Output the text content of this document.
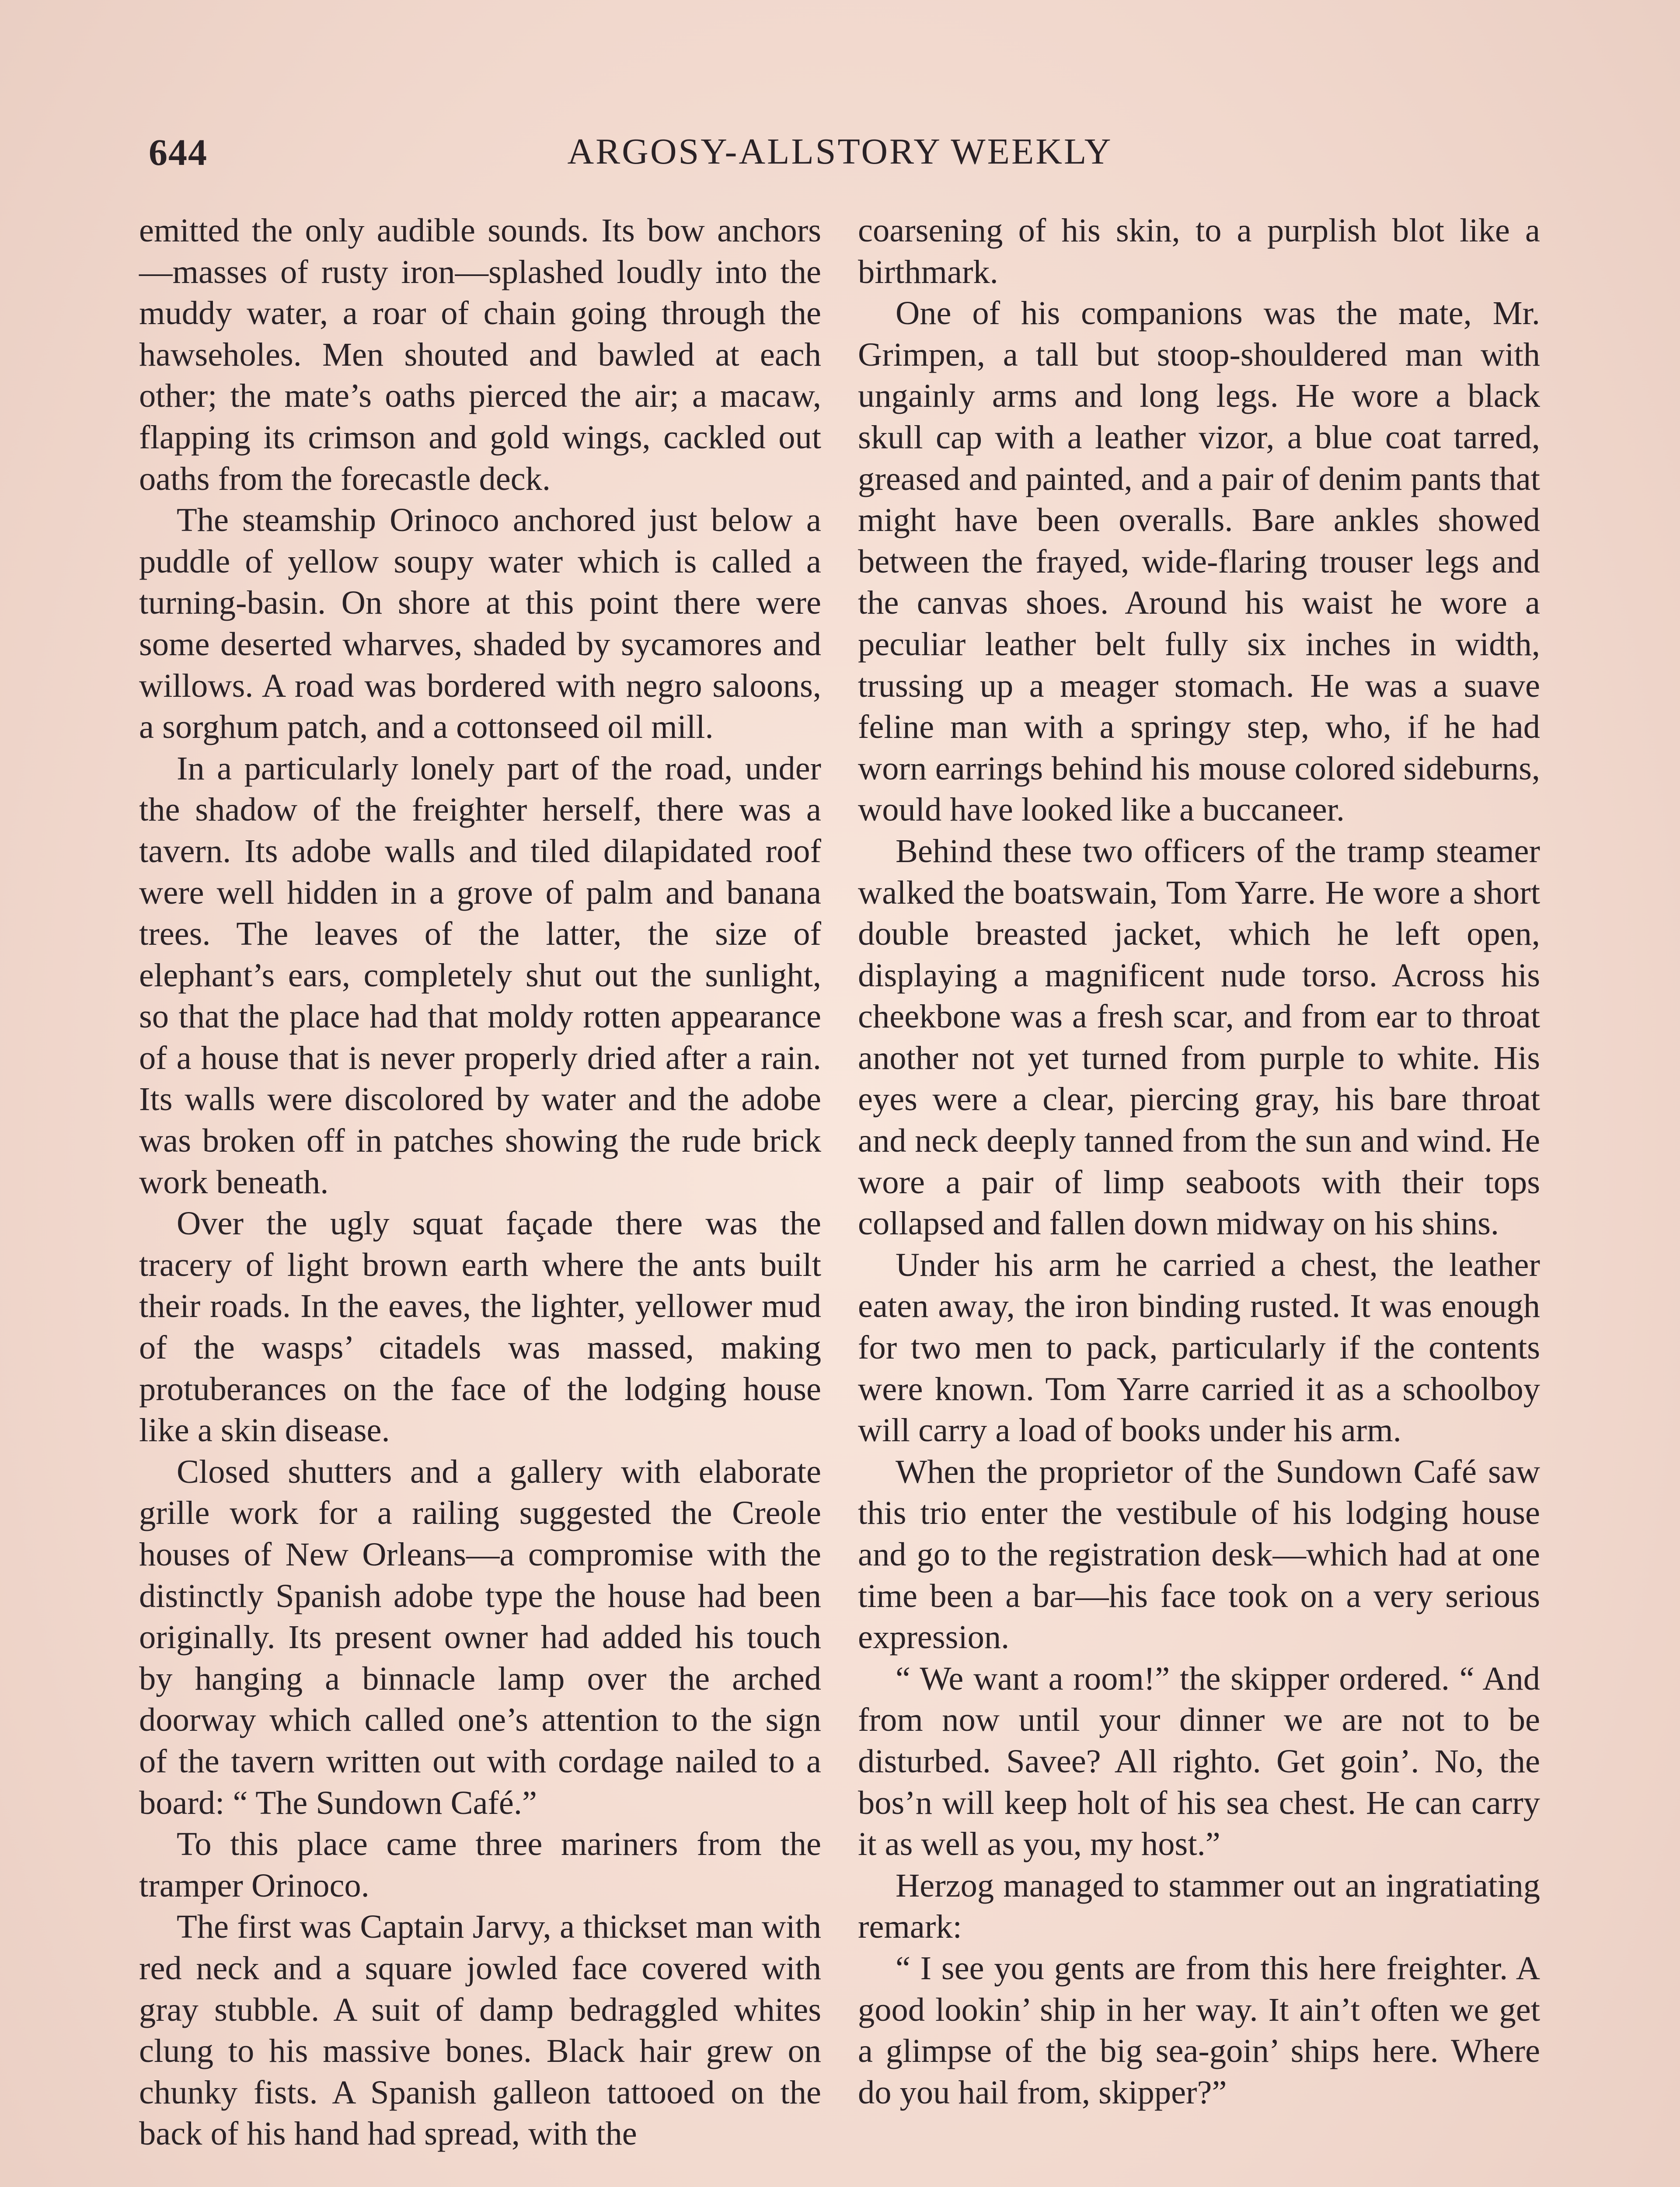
644	ARGOSY-ALLSTORY WEEKLY

emitted the only audible sounds. Its bow anchors—masses of rusty iron—splashed loudly into the muddy water, a roar of chain going through the hawseholes. Men shouted and bawled at each other; the mate’s oaths pierced the air; a macaw, flapping its crimson and gold wings, cackled out oaths from the forecastle deck.

The steamship Orinoco anchored just below a puddle of yellow soupy water which is called a turning-basin. On shore at this point there were some deserted wharves, shaded by sycamores and willows. A road was bordered with negro saloons, a sorghum patch, and a cottonseed oil mill.

In a particularly lonely part of the road, under the shadow of the freighter herself, there was a tavern. Its adobe walls and tiled dilapidated roof were well hidden in a grove of palm and banana trees. The leaves of the latter, the size of elephant’s ears, completely shut out the sunlight, so that the place had that moldy rotten appearance of a house that is never properly dried after a rain. Its walls were discolored by water and the adobe was broken off in patches showing the rude brick work beneath.

Over the ugly squat façade there was the tracery of light brown earth where the ants built their roads. In the eaves, the lighter, yellower mud of the wasps’ citadels was massed, making protuberances on the face of the lodging house like a skin disease.

Closed shutters and a gallery with elaborate grille work for a railing suggested the Creole houses of New Orleans—a compromise with the distinctly Spanish adobe type the house had been originally. Its present owner had added his touch by hanging a binnacle lamp over the arched doorway which called one’s attention to the sign of the tavern written out with cordage nailed to a board: “ The Sundown Café.”

To this place came three mariners from the tramper Orinoco.

The first was Captain Jarvy, a thickset man with red neck and a square jowled face covered with gray stubble. A suit of damp bedraggled whites clung to his massive bones. Black hair grew on chunky fists. A Spanish galleon tattooed on the back of his hand had spread, with the

coarsening of his skin, to a purplish blot like a birthmark.

One of his companions was the mate, Mr. Grimpen, a tall but stoop-shouldered man with ungainly arms and long legs. He wore a black skull cap with a leather vizor, a blue coat tarred, greased and painted, and a pair of denim pants that might have been overalls. Bare ankles showed between the frayed, wide-flaring trouser legs and the canvas shoes. Around his waist he wore a peculiar leather belt fully six inches in width, trussing up a meager stomach. He was a suave feline man with a springy step, who, if he had worn earrings behind his mouse colored sideburns, would have looked like a buccaneer.

Behind these two officers of the tramp steamer walked the boatswain, Tom Yarre. He wore a short double breasted jacket, which he left open, displaying a magnificent nude torso. Across his cheekbone was a fresh scar, and from ear to throat another not yet turned from purple to white. His eyes were a clear, piercing gray, his bare throat and neck deeply tanned from the sun and wind. He wore a pair of limp seaboots with their tops collapsed and fallen down midway on his shins.

Under his arm he carried a chest, the leather eaten away, the iron binding rusted. It was enough for two men to pack, particularly if the contents were known. Tom Yarre carried it as a schoolboy will carry a load of books under his arm.

When the proprietor of the Sundown Café saw this trio enter the vestibule of his lodging house and go to the registration desk—which had at one time been a bar—his face took on a very serious expression.

“ We want a room!” the skipper ordered. “ And from now until your dinner we are not to be disturbed. Savee? All righto. Get goin’. No, the bos’n will keep holt of his sea chest. He can carry it as well as you, my host.”

Herzog managed to stammer out an ingratiating remark:

“ I see you gents are from this here freighter. A good lookin’ ship in her way. It ain’t often we get a glimpse of the big sea-goin’ ships here. Where do you hail from, skipper?”
